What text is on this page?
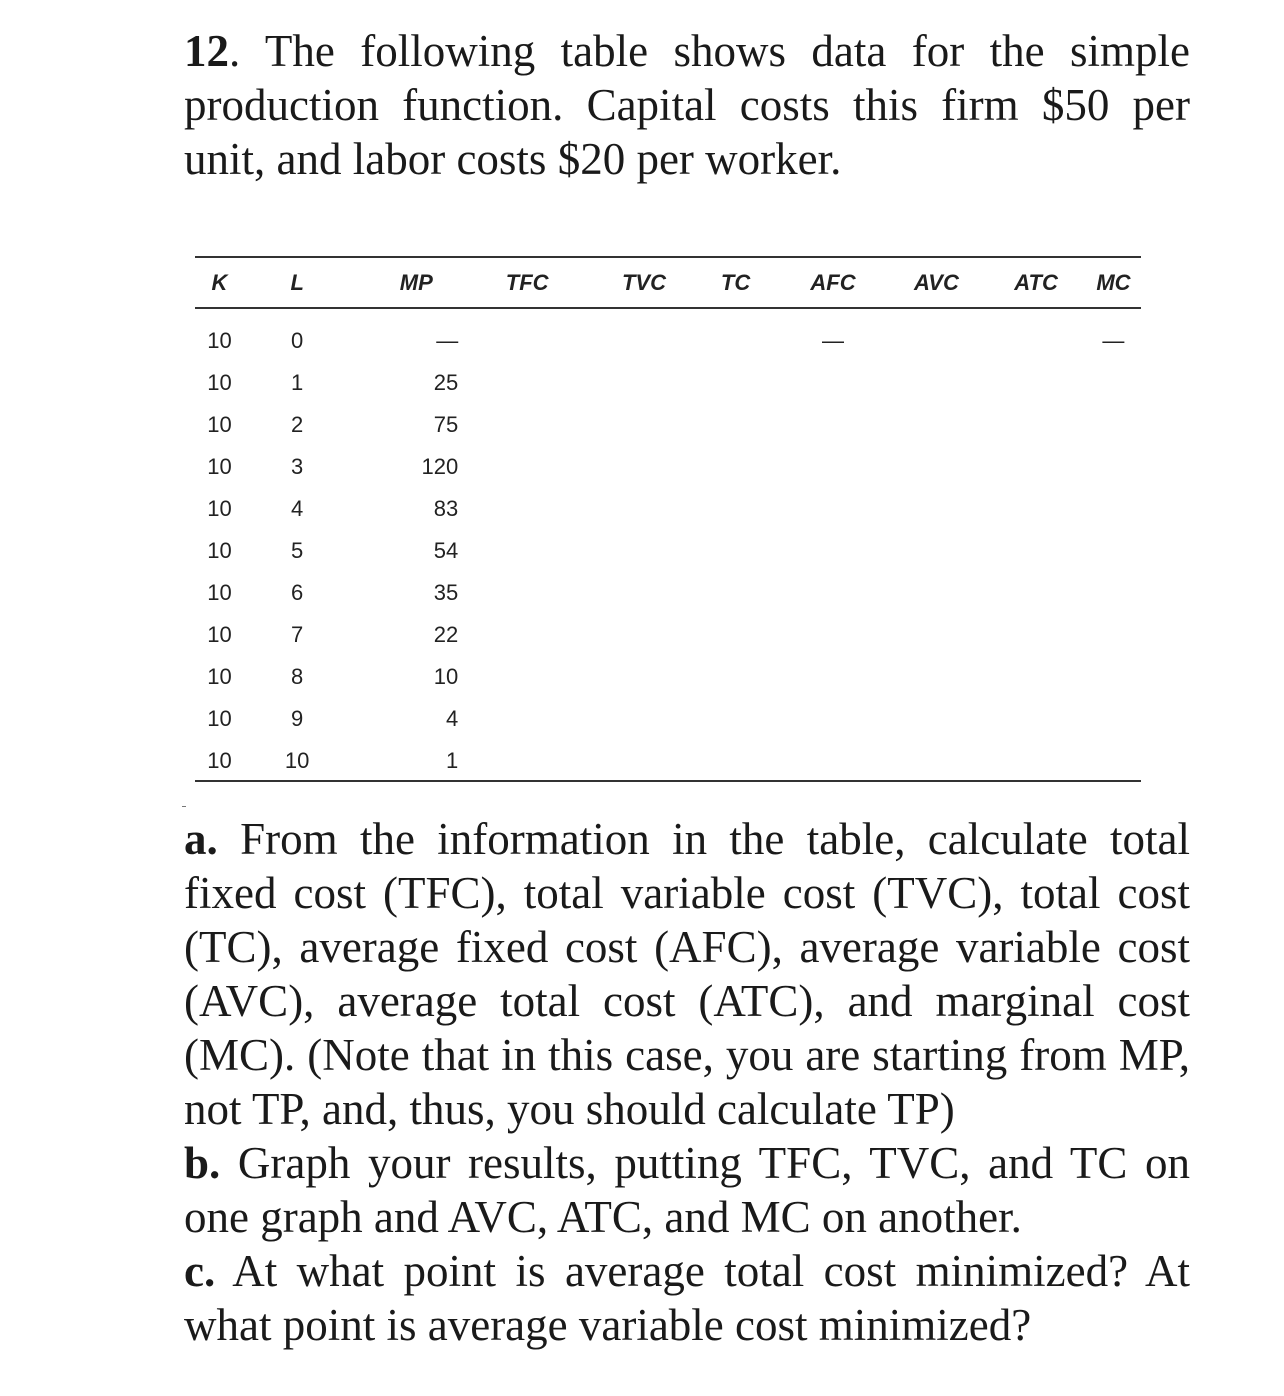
12. The following table shows data for the simple production function. Capital costs this firm $50 per unit, and labor costs $20 per worker.

K	L	MP	TFC	TVC	TC	AFC	AVC	ATC	MC

10	0	—				—			—
10	1	25							
10	2	75							
10	3	120							
10	4	83							
10	5	54							
10	6	35							
10	7	22							
10	8	10							
10	9	4							
10	10	1							

a. From the information in the table, calculate total fixed cost (TFC), total variable cost (TVC), total cost (TC), average fixed cost (AFC), average variable cost (AVC), average total cost (ATC), and marginal cost (MC). (Note that in this case, you are starting from MP, not TP, and, thus, you should calculate TP)

b. Graph your results, putting TFC, TVC, and TC on one graph and AVC, ATC, and MC on another.

c. At what point is average total cost minimized? At what point is average variable cost minimized?
